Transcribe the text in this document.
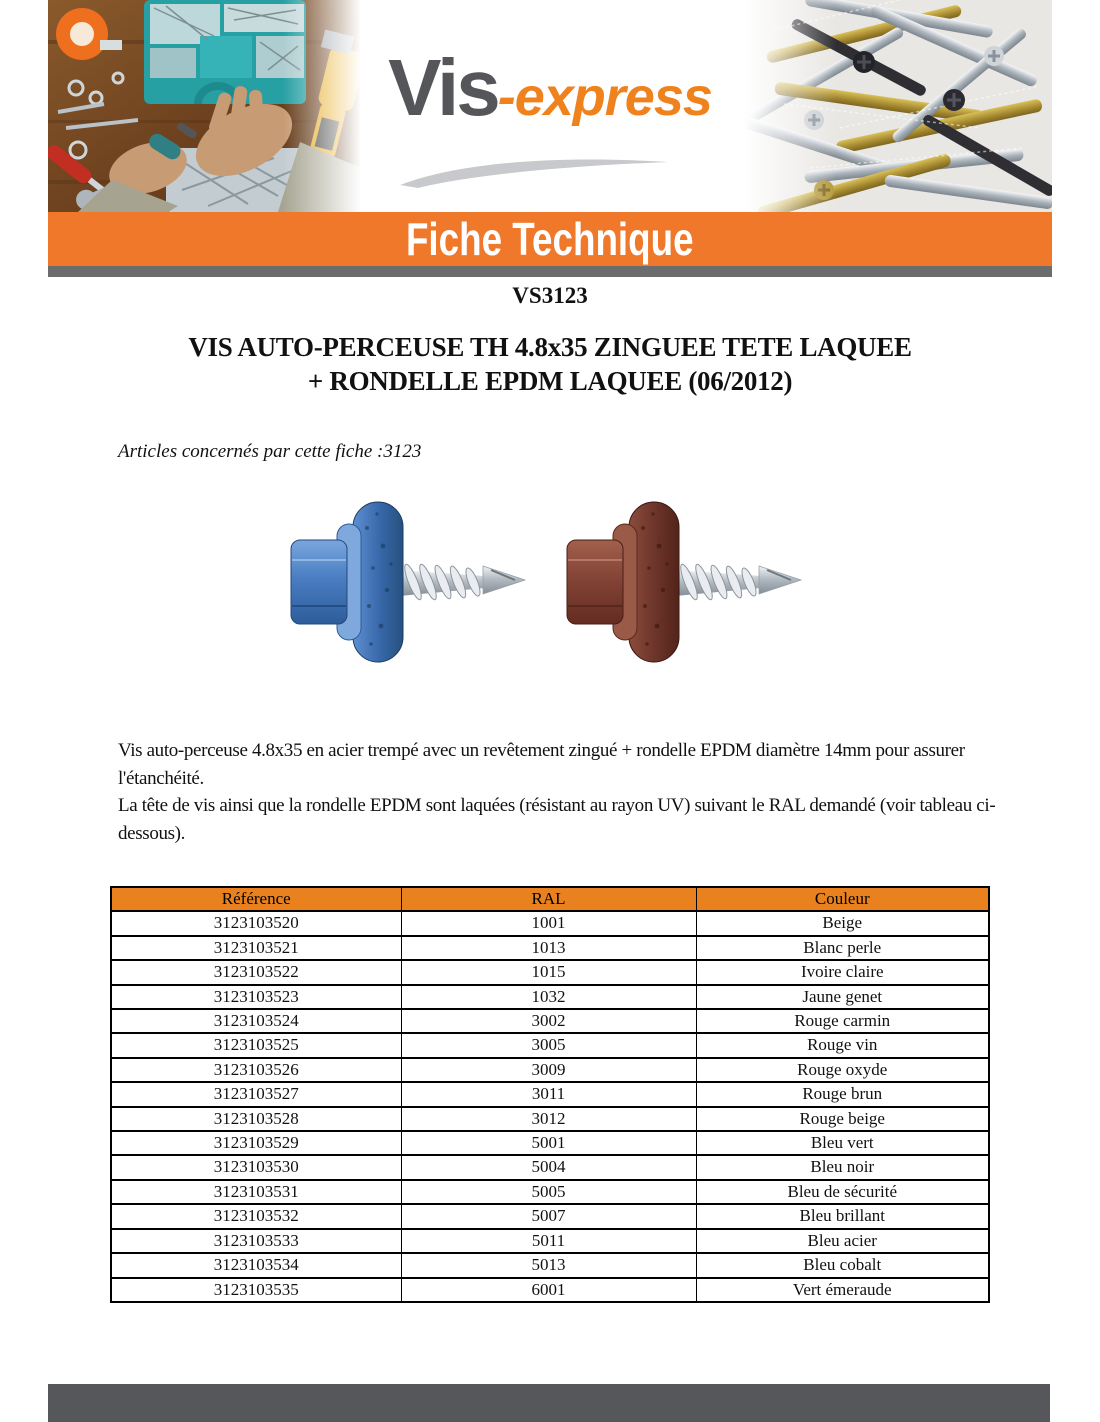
Vis-express
Fiche Technique
VS3123
VIS AUTO-PERCEUSE TH 4.8x35 ZINGUEE TETE LAQUEE
+ RONDELLE EPDM LAQUEE (06/2012)
Articles concernés par cette fiche :3123
Vis auto-perceuse 4.8x35 en acier trempé avec un revêtement zingué + rondelle EPDM diamètre 14mm pour assurer l'étanchéité.
La tête de vis ainsi que la rondelle EPDM sont laquées (résistant au rayon UV) suivant le RAL demandé (voir tableau ci-dessous).
Référence	RAL	Couleur
3123103520	1001	Beige
3123103521	1013	Blanc perle
3123103522	1015	Ivoire claire
3123103523	1032	Jaune genet
3123103524	3002	Rouge carmin
3123103525	3005	Rouge vin
3123103526	3009	Rouge oxyde
3123103527	3011	Rouge brun
3123103528	3012	Rouge beige
3123103529	5001	Bleu vert
3123103530	5004	Bleu noir
3123103531	5005	Bleu de sécurité
3123103532	5007	Bleu brillant
3123103533	5011	Bleu acier
3123103534	5013	Bleu cobalt
3123103535	6001	Vert émeraude
